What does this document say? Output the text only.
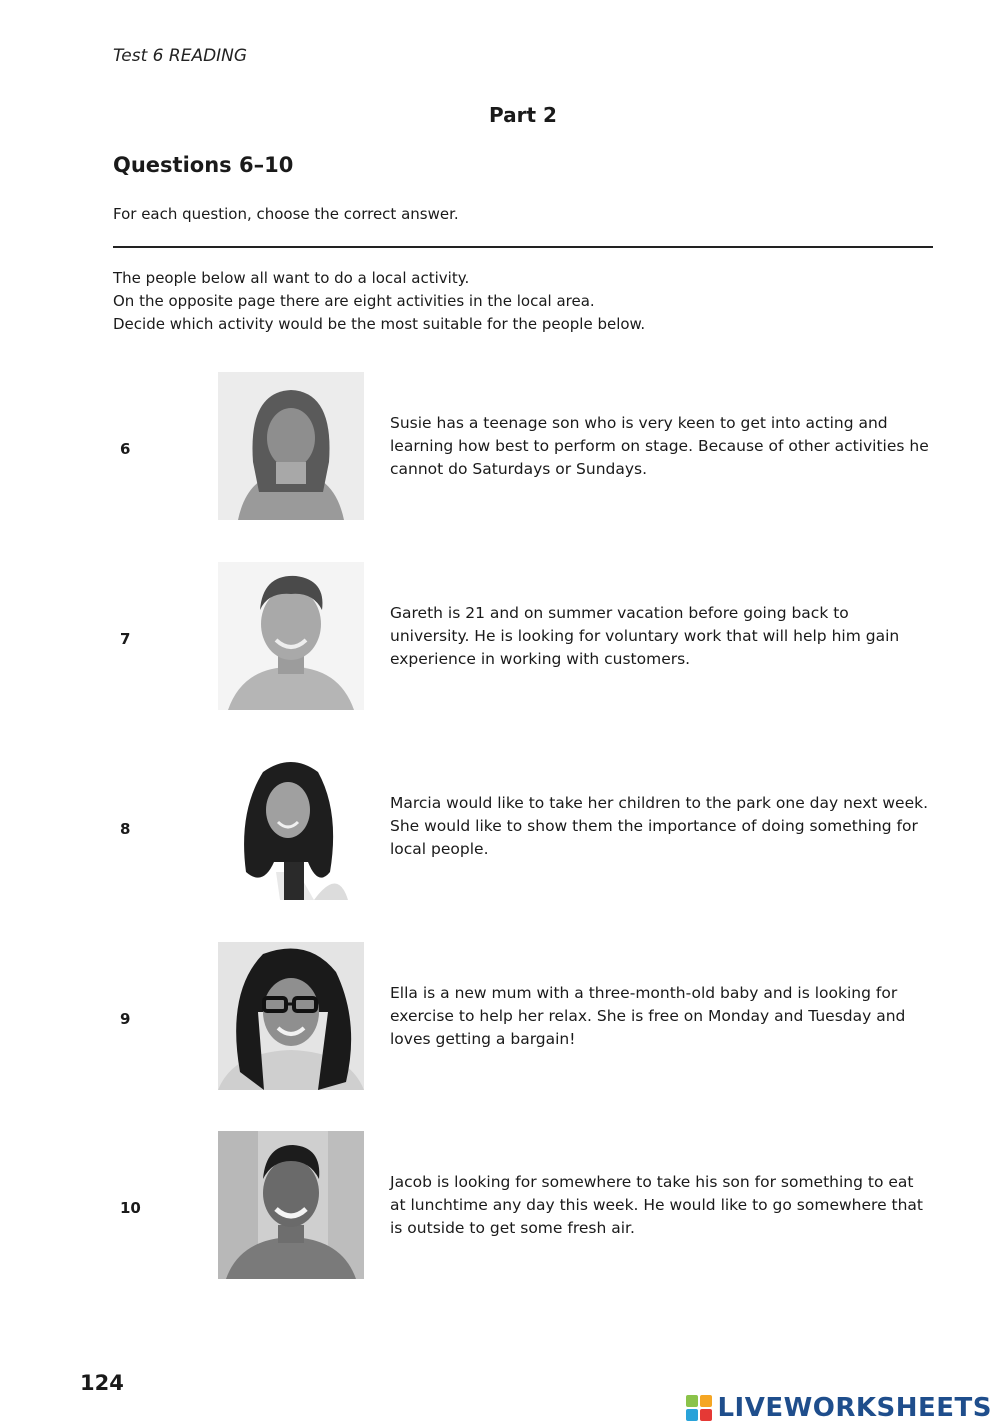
Test 6 READING
Part 2
Questions 6–10
For each question, choose the correct answer.
The people below all want to do a local activity.
On the opposite page there are eight activities in the local area.
Decide which activity would be the most suitable for the people below.
6
Susie has a teenage son who is very keen to get into acting and learning how best to perform on stage. Because of other activities he cannot do Saturdays or Sundays.
7
Gareth is 21 and on summer vacation before going back to university. He is looking for voluntary work that will help him gain experience in working with customers.
8
Marcia would like to take her children to the park one day next week. She would like to show them the importance of doing something for local people.
9
Ella is a new mum with a three-month-old baby and is looking for exercise to help her relax. She is free on Monday and Tuesday and loves getting a bargain!
10
Jacob is looking for somewhere to take his son for something to eat at lunchtime any day this week. He would like to go somewhere that is outside to get some fresh air.
124
LIVEWORKSHEETS
